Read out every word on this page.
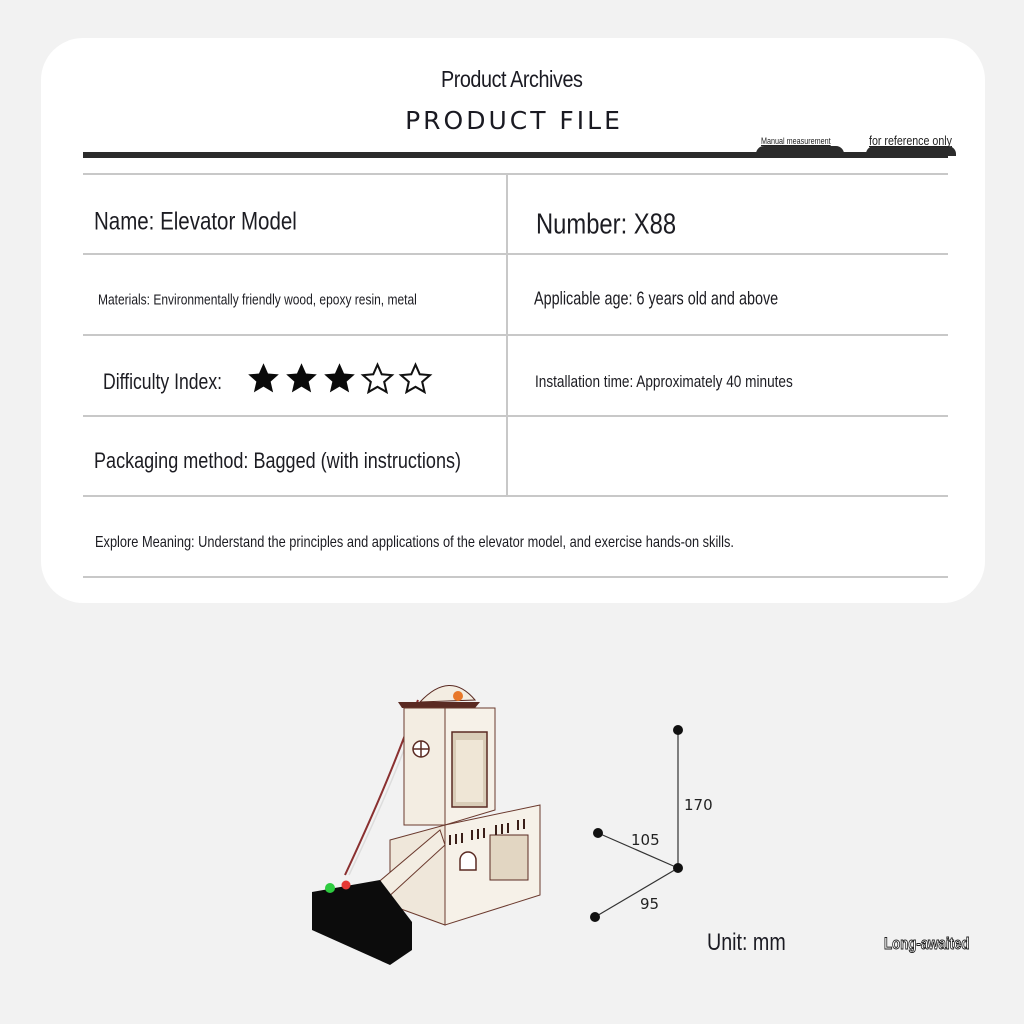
Product Archives
PRODUCT FILE
Manual measurement	for reference only
Name: Elevator Model	Number: X88
Materials: Environmentally friendly wood, epoxy resin, metal	Applicable age: 6 years old and above
Difficulty Index:	Installation time: Approximately 40 minutes
Packaging method: Bagged (with instructions)
Explore Meaning: Understand the principles and applications of the elevator model, and exercise hands-on skills.
170
105
95
Unit: mm	Long-awaited
